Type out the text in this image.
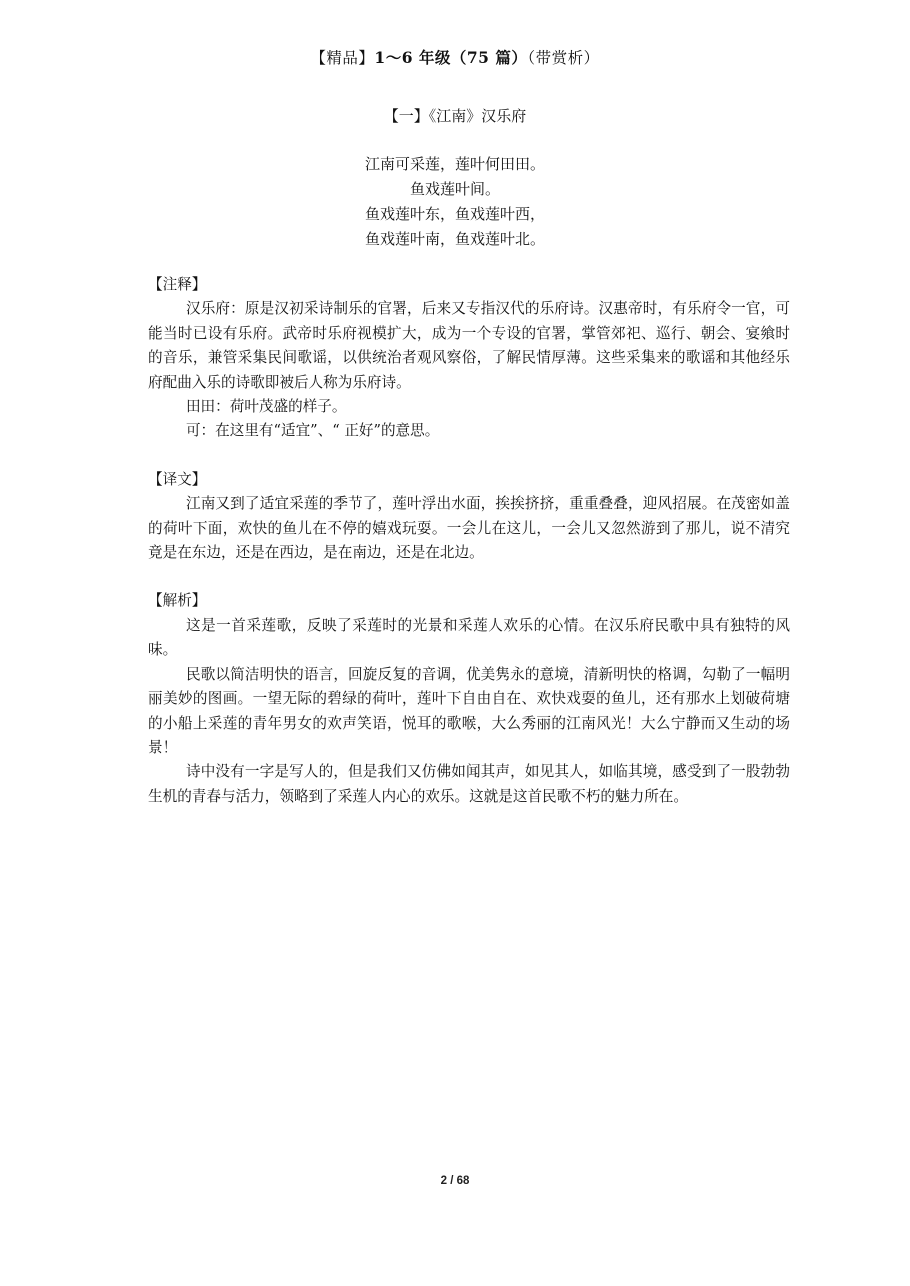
【精品】1～6 年级（75 篇）（带赏析）
【一】《江南》汉乐府
江南可采莲，莲叶何田田。
鱼戏莲叶间。
鱼戏莲叶东，鱼戏莲叶西，
鱼戏莲叶南，鱼戏莲叶北。

【注释】

汉乐府：原是汉初采诗制乐的官署，后来又专指汉代的乐府诗。汉惠帝时，有乐府令一官，可能当时已设有乐府。武帝时乐府视模扩大，成为一个专设的官署，掌管郊祀、巡行、朝会、宴飨时的音乐，兼管采集民间歌谣，以供统治者观风察俗，了解民情厚薄。这些采集来的歌谣和其他经乐府配曲入乐的诗歌即被后人称为乐府诗。

田田：荷叶茂盛的样子。

可：在这里有“适宜”、“ 正好”的意思。

【译文】

江南又到了适宜采莲的季节了，莲叶浮出水面，挨挨挤挤，重重叠叠，迎风招展。在茂密如盖的荷叶下面，欢快的鱼儿在不停的嬉戏玩耍。一会儿在这儿，一会儿又忽然游到了那儿，说不清究竟是在东边，还是在西边，是在南边，还是在北边。

【解析】

这是一首采莲歌，反映了采莲时的光景和采莲人欢乐的心情。在汉乐府民歌中具有独特的风味。

民歌以简洁明快的语言，回旋反复的音调，优美隽永的意境，清新明快的格调，勾勒了一幅明丽美妙的图画。一望无际的碧绿的荷叶，莲叶下自由自在、欢快戏耍的鱼儿，还有那水上划破荷塘的小船上采莲的青年男女的欢声笑语，悦耳的歌喉，大么秀丽的江南风光！大么宁静而又生动的场景！

诗中没有一字是写人的，但是我们又仿佛如闻其声，如见其人，如临其境，感受到了一股勃勃生机的青春与活力，领略到了采莲人内心的欢乐。这就是这首民歌不朽的魅力所在。

2 / 68
